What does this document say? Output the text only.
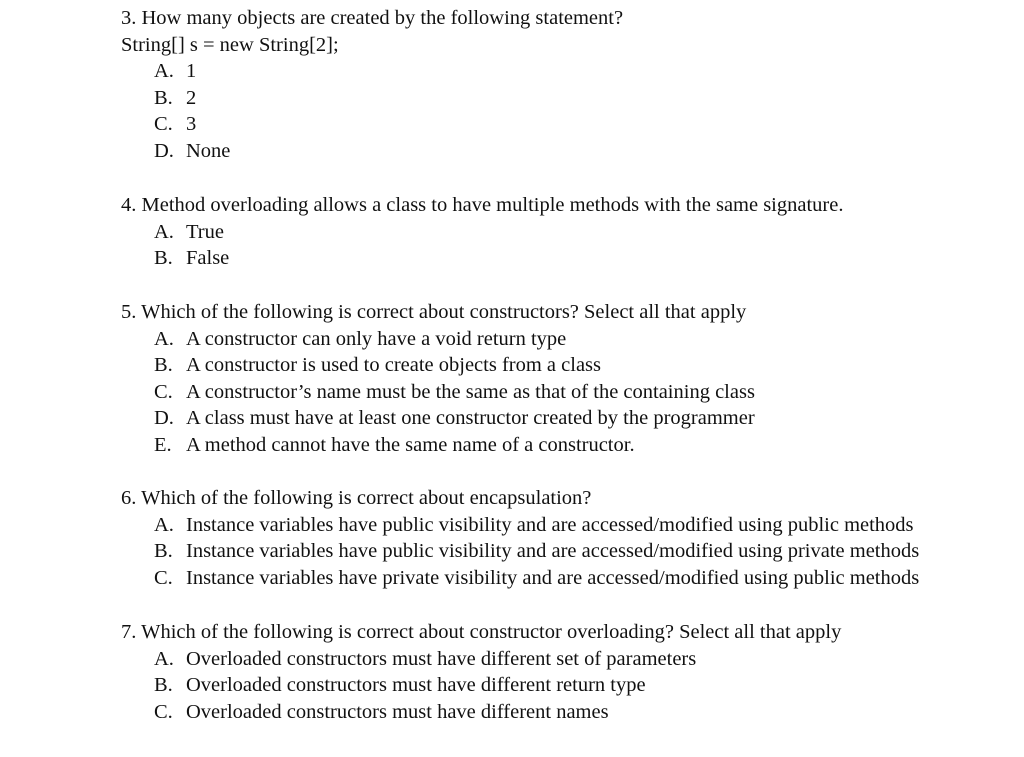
3. How many objects are created by the following statement?
String[] s = new String[2];
A. 1
B. 2
C. 3
D. None
4. Method overloading allows a class to have multiple methods with the same signature.
A. True
B. False
5. Which of the following is correct about constructors? Select all that apply
A. A constructor can only have a void return type
B. A constructor is used to create objects from a class
C. A constructor’s name must be the same as that of the containing class
D. A class must have at least one constructor created by the programmer
E. A method cannot have the same name of a constructor.
6. Which of the following is correct about encapsulation?
A. Instance variables have public visibility and are accessed/modified using public methods
B. Instance variables have public visibility and are accessed/modified using private methods
C. Instance variables have private visibility and are accessed/modified using public methods
7. Which of the following is correct about constructor overloading? Select all that apply
A. Overloaded constructors must have different set of parameters
B. Overloaded constructors must have different return type
C. Overloaded constructors must have different names
